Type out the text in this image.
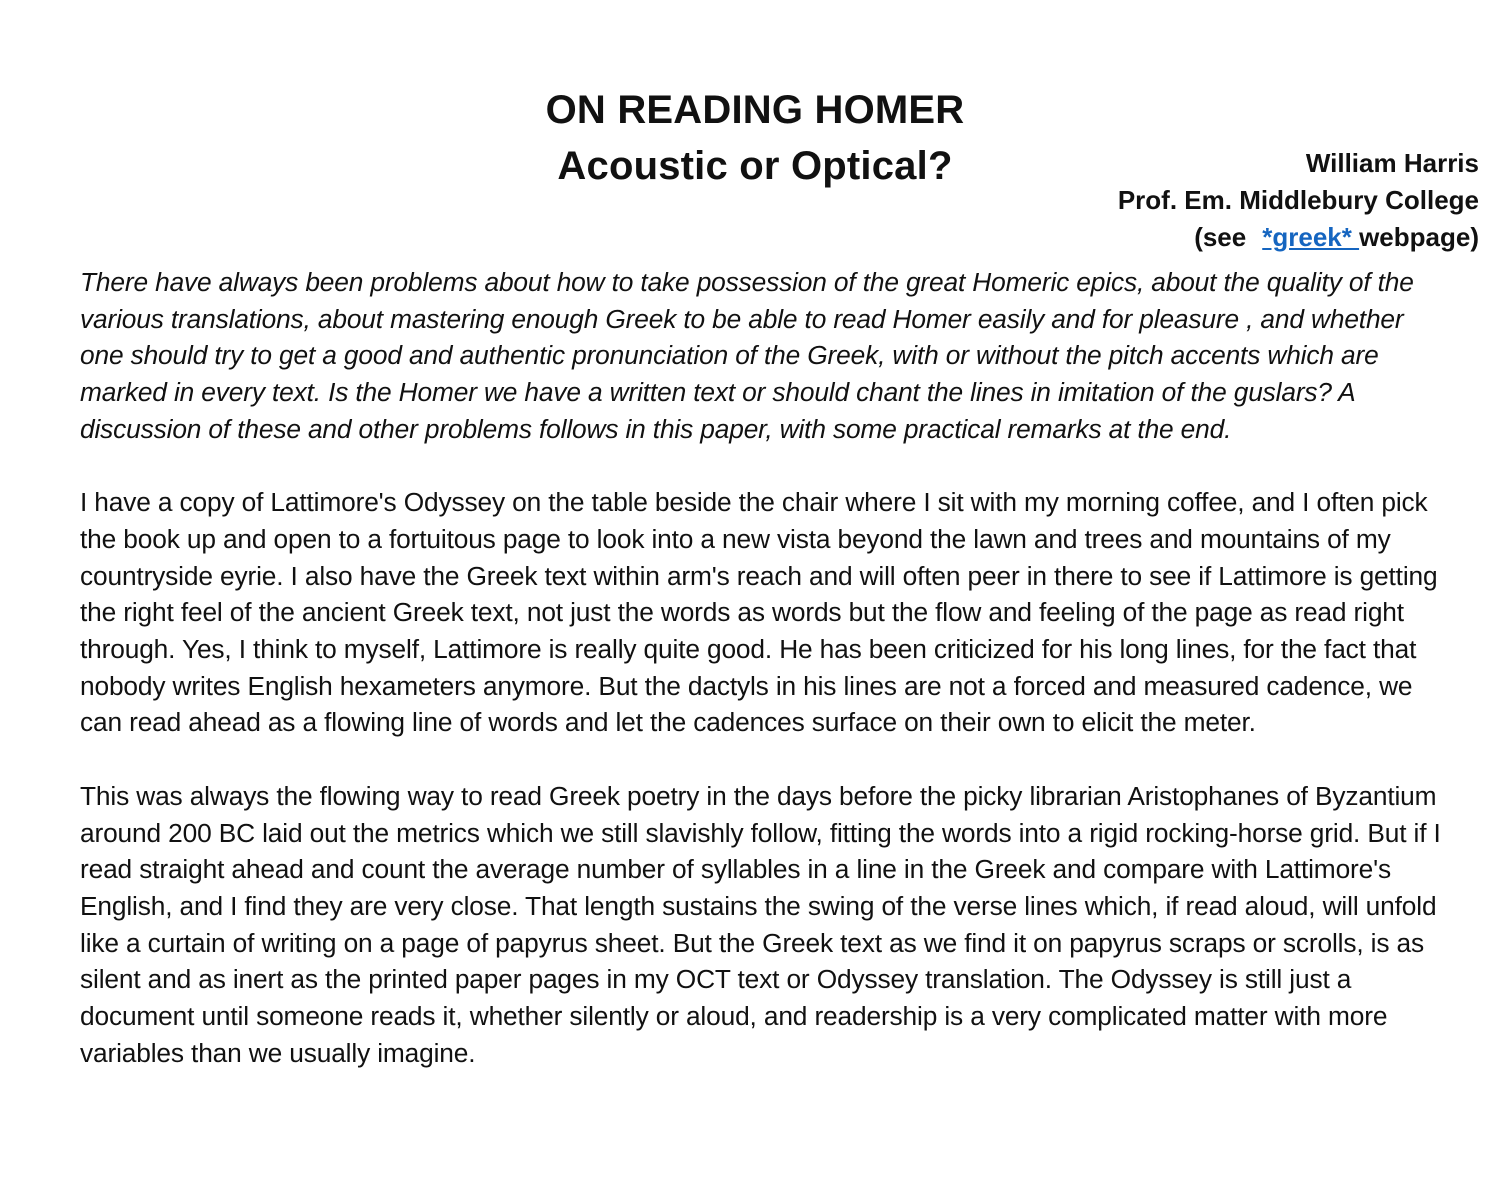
ON READING HOMER
Acoustic or Optical?	William Harris
Prof. Em. Middlebury College
(see *greek* webpage)

There have always been problems about how to take possession of the great Homeric epics, about the quality of the various translations, about mastering enough Greek to be able to read Homer easily and for pleasure , and whether one should try to get a good and authentic pronunciation of the Greek, with or without the pitch accents which are marked in every text. Is the Homer we have a written text or should chant the lines in imitation of the guslars? A discussion of these and other problems follows in this paper, with some practical remarks at the end.

I have a copy of Lattimore's Odyssey on the table beside the chair where I sit with my morning coffee, and I often pick the book up and open to a fortuitous page to look into a new vista beyond the lawn and trees and mountains of my countryside eyrie. I also have the Greek text within arm's reach and will often peer in there to see if Lattimore is getting the right feel of the ancient Greek text, not just the words as words but the flow and feeling of the page as read right through. Yes, I think to myself, Lattimore is really quite good. He has been criticized for his long lines, for the fact that nobody writes English hexameters anymore. But the dactyls in his lines are not a forced and measured cadence, we can read ahead as a flowing line of words and let the cadences surface on their own to elicit the meter.

This was always the flowing way to read Greek poetry in the days before the picky librarian Aristophanes of Byzantium around 200 BC laid out the metrics which we still slavishly follow, fitting the words into a rigid rocking-horse grid. But if I read straight ahead and count the average number of syllables in a line in the Greek and compare with Lattimore's English, and I find they are very close. That length sustains the swing of the verse lines which, if read aloud, will unfold like a curtain of writing on a page of papyrus sheet. But the Greek text as we find it on papyrus scraps or scrolls, is as silent and as inert as the printed paper pages in my OCT text or Odyssey translation. The Odyssey is still just a document until someone reads it, whether silently or aloud, and readership is a very complicated matter with more variables than we usually imagine.
